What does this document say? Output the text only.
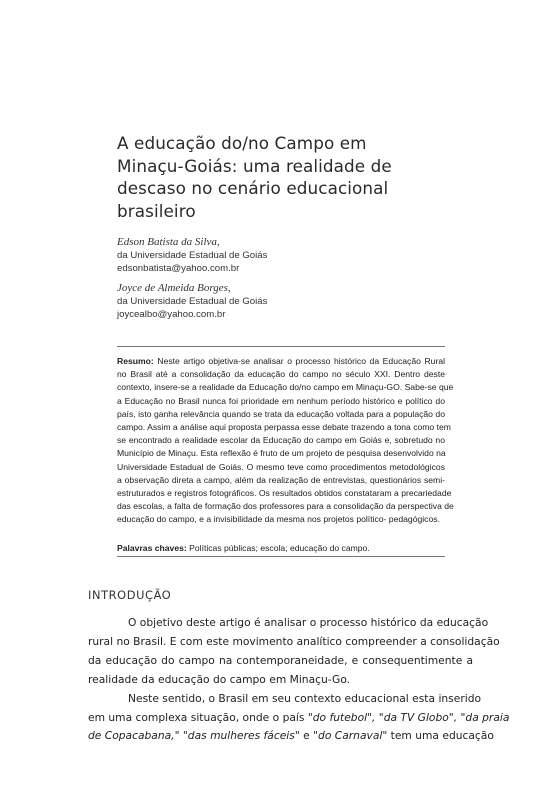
A educação do/no Campo em
Minaçu-Goiás: uma realidade de
descaso no cenário educacional
brasileiro
Edson Batista da Silva,
da Universidade Estadual de Goiás
edsonbatista@yahoo.com.br
Joyce de Almeida Borges,
da Universidade Estadual de Goiás
joycealbo@yahoo.com.br
Resumo: Neste artigo objetiva-se analisar o processo histórico da Educação Rural
no Brasil até a consolidação da educação do campo no século XXI. Dentro deste
contexto, insere-se a realidade da Educação do/no campo em Minaçu-GO. Sabe-se que
a Educação no Brasil nunca foi prioridade em nenhum período histórico e político do
país, isto ganha relevância quando se trata da educação voltada para a população do
campo. Assim a análise aqui proposta perpassa esse debate trazendo a tona como tem
se encontrado a realidade escolar da Educação do campo em Goiás e, sobretudo no
Município de Minaçu. Esta reflexão é fruto de um projeto de pesquisa desenvolvido na
Universidade Estadual de Goiás. O mesmo teve como procedimentos metodológicos
a observação direta a campo, além da realização de entrevistas, questionários semi-
estruturados e registros fotográficos. Os resultados obtidos constataram a precariedade
das escolas, a falta de formação dos professores para a consolidação da perspectiva de
educação do campo, e a invisibilidade da mesma nos projetos político- pedagógicos.
Palavras chaves: Políticas públicas; escola; educação do campo.
INTRODUÇÃO
O objetivo deste artigo é analisar o processo histórico da educação
rural no Brasil. E com este movimento analítico compreender a consolidação
da educação do campo na contemporaneidade, e consequentimente a
realidade da educação do campo em Minaçu-Go.
Neste sentido, o Brasil em seu contexto educacional esta inserido
em uma complexa situação, onde o país "do futebol", "da TV Globo", "da praia
de Copacabana," "das mulheres fáceis" e "do Carnaval" tem uma educação
